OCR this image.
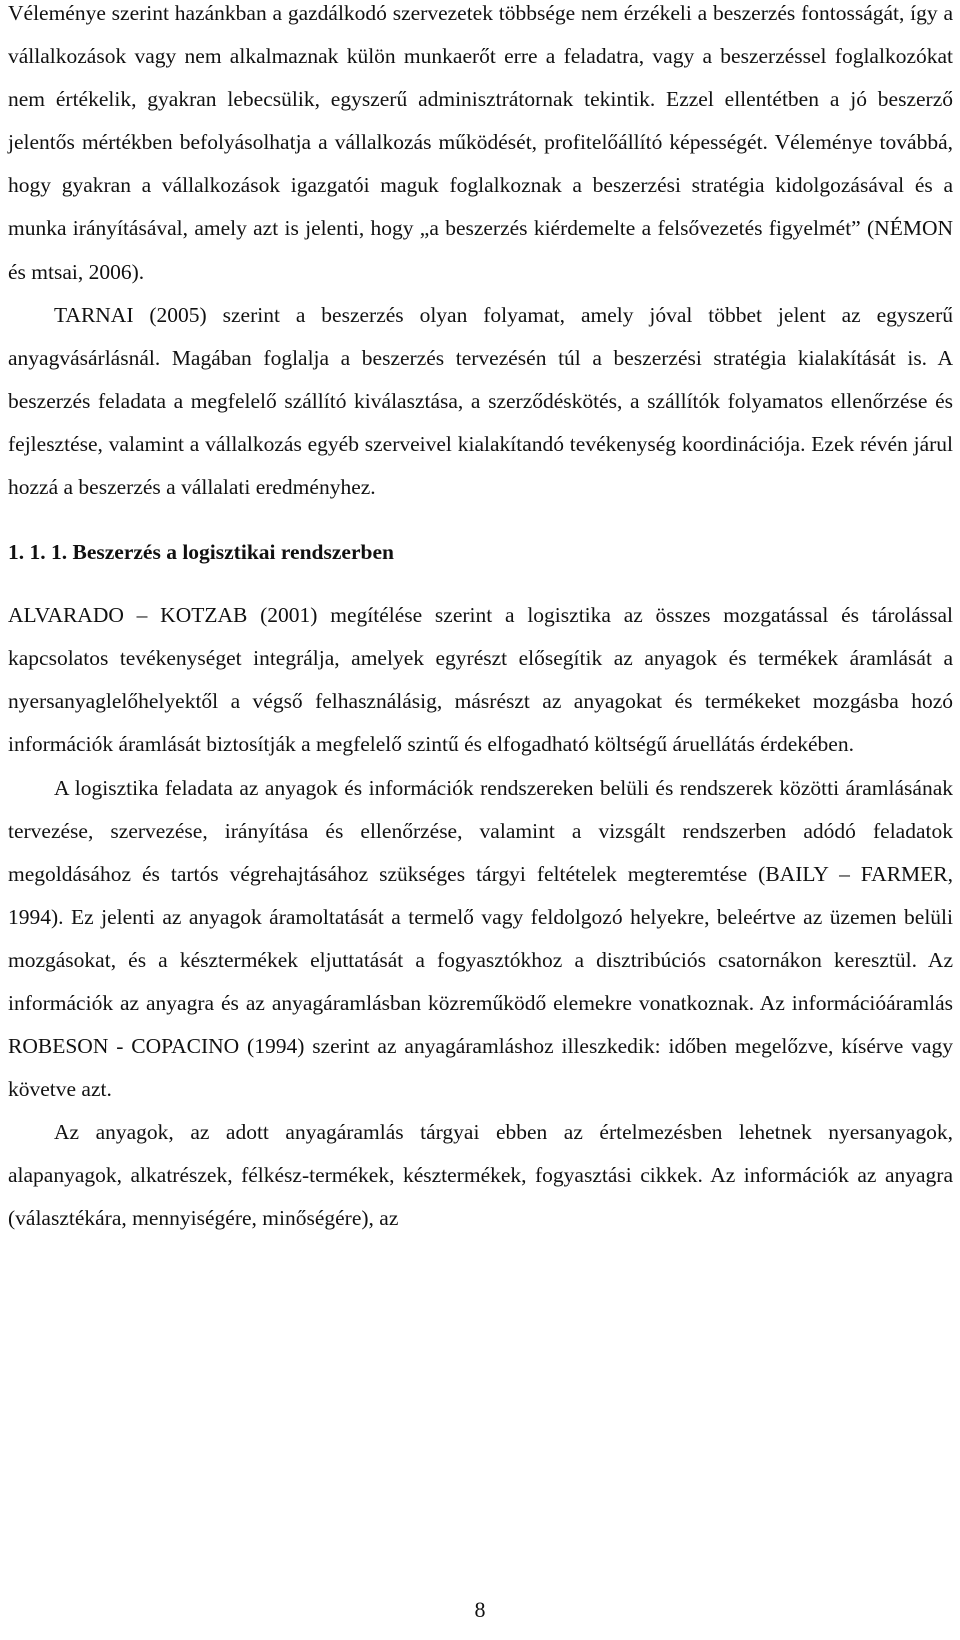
Véleménye szerint hazánkban a gazdálkodó szervezetek többsége nem érzékeli a beszerzés fontosságát, így a vállalkozások vagy nem alkalmaznak külön munkaerőt erre a feladatra, vagy a beszerzéssel foglalkozókat nem értékelik, gyakran lebecsülik, egyszerű adminisztrátornak tekintik. Ezzel ellentétben a jó beszerző jelentős mértékben befolyásolhatja a vállalkozás működését, profitelőállító képességét. Véleménye továbbá, hogy gyakran a vállalkozások igazgatói maguk foglalkoznak a beszerzési stratégia kidolgozásával és a munka irányításával, amely azt is jelenti, hogy „a beszerzés kiérdemelte a felsővezetés figyelmét” (NÉMON és mtsai, 2006).

TARNAI (2005) szerint a beszerzés olyan folyamat, amely jóval többet jelent az egyszerű anyagvásárlásnál. Magában foglalja a beszerzés tervezésén túl a beszerzési stratégia kialakítását is. A beszerzés feladata a megfelelő szállító kiválasztása, a szerződéskötés, a szállítók folyamatos ellenőrzése és fejlesztése, valamint a vállalkozás egyéb szerveivel kialakítandó tevékenység koordinációja. Ezek révén járul hozzá a beszerzés a vállalati eredményhez.

1. 1. 1. Beszerzés a logisztikai rendszerben

ALVARADO – KOTZAB (2001) megítélése szerint a logisztika az összes mozgatással és tárolással kapcsolatos tevékenységet integrálja, amelyek egyrészt elősegítik az anyagok és termékek áramlását a nyersanyaglelőhelyektől a végső felhasználásig, másrészt az anyagokat és termékeket mozgásba hozó információk áramlását biztosítják a megfelelő szintű és elfogadható költségű áruellátás érdekében.

A logisztika feladata az anyagok és információk rendszereken belüli és rendszerek közötti áramlásának tervezése, szervezése, irányítása és ellenőrzése, valamint a vizsgált rendszerben adódó feladatok megoldásához és tartós végrehajtásához szükséges tárgyi feltételek megteremtése (BAILY – FARMER, 1994). Ez jelenti az anyagok áramoltatását a termelő vagy feldolgozó helyekre, beleértve az üzemen belüli mozgásokat, és a késztermékek eljuttatását a fogyasztókhoz a disztribúciós csatornákon keresztül. Az információk az anyagra és az anyagáramlásban közreműködő elemekre vonatkoznak. Az információáramlás ROBESON - COPACINO (1994) szerint az anyagáramláshoz illeszkedik: időben megelőzve, kísérve vagy követve azt.

Az anyagok, az adott anyagáramlás tárgyai ebben az értelmezésben lehetnek nyersanyagok, alapanyagok, alkatrészek, félkész-termékek, késztermékek, fogyasztási cikkek. Az információk az anyagra (választékára, mennyiségére, minőségére), az

8
